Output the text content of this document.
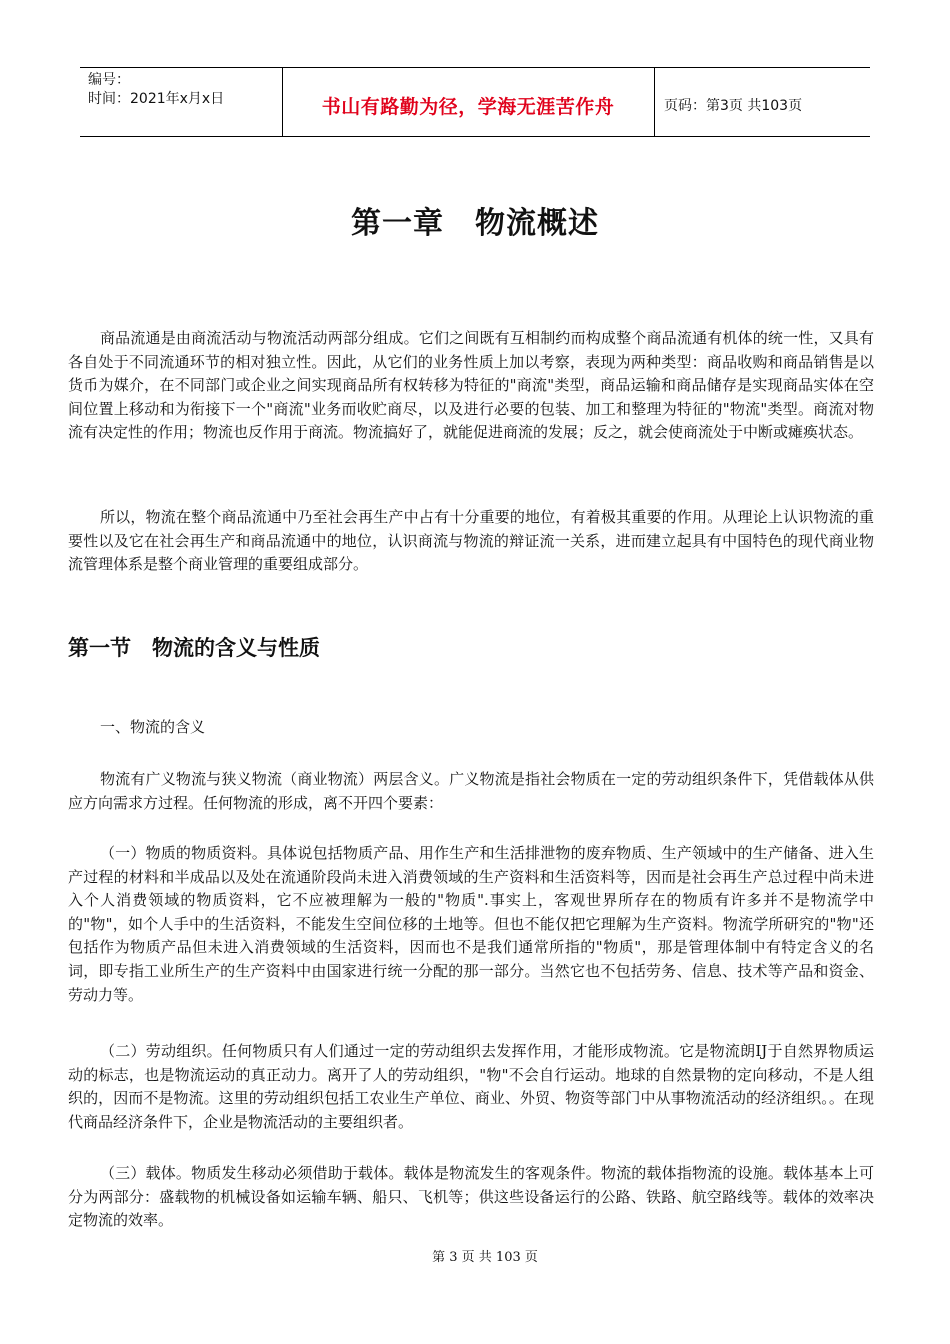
编号：
时间：2021年x月x日	书山有路勤为径，学海无涯苦作舟	页码：第3页 共103页
第一章　物流概述
商品流通是由商流活动与物流活动两部分组成。它们之间既有互相制约而构成整个商品流通有机体的统一性，又具有各自处于不同流通环节的相对独立性。因此，从它们的业务性质上加以考察，表现为两种类型：商品收购和商品销售是以货币为媒介，在不同部门或企业之间实现商品所有权转移为特征的"商流"类型，商品运输和商品储存是实现商品实体在空间位置上移动和为衔接下一个"商流"业务而收贮商尽，以及进行必要的包装、加工和整理为特征的"物流"类型。商流对物流有决定性的作用；物流也反作用于商流。物流搞好了，就能促进商流的发展；反之，就会使商流处于中断或瘫痪状态。
所以，物流在整个商品流通中乃至社会再生产中占有十分重要的地位，有着极其重要的作用。从理论上认识物流的重要性以及它在社会再生产和商品流通中的地位，认识商流与物流的辩证流一关系，进而建立起具有中国特色的现代商业物流管理体系是整个商业管理的重要组成部分。
第一节　物流的含义与性质
一、物流的含义
物流有广义物流与狭义物流（商业物流）两层含义。广义物流是指社会物质在一定的劳动组织条件下，凭借载体从供应方向需求方过程。任何物流的形成，离不开四个要素：
（一）物质的物质资料。具体说包括物质产品、用作生产和生活排泄物的废弃物质、生产领域中的生产储备、进入生产过程的材料和半成品以及处在流通阶段尚未进入消费领域的生产资料和生活资料等，因而是社会再生产总过程中尚未进入个人消费领域的物质资料，它不应被理解为一般的"物质".事实上，客观世界所存在的物质有许多并不是物流学中的"物"，如个人手中的生活资料，不能发生空间位移的土地等。但也不能仅把它理解为生产资料。物流学所研究的"物"还包括作为物质产品但未进入消费领域的生活资料，因而也不是我们通常所指的"物质"，那是管理体制中有特定含义的名词，即专指工业所生产的生产资料中由国家进行统一分配的那一部分。当然它也不包括劳务、信息、技术等产品和资金、劳动力等。
（二）劳动组织。任何物质只有人们通过一定的劳动组织去发挥作用，才能形成物流。它是物流朗IJ于自然界物质运动的标志，也是物流运动的真正动力。离开了人的劳动组织，"物"不会自行运动。地球的自然景物的定向移动，不是人组织的，因而不是物流。这里的劳动组织包括工农业生产单位、商业、外贸、物资等部门中从事物流活动的经济组织。。在现代商品经济条件下，企业是物流活动的主要组织者。
（三）载体。物质发生移动必须借助于载体。载体是物流发生的客观条件。物流的载体指物流的设施。载体基本上可分为两部分：盛载物的机械设备如运输车辆、船只、飞机等；供这些设备运行的公路、铁路、航空路线等。载体的效率决定物流的效率。
第 3 页 共 103 页
